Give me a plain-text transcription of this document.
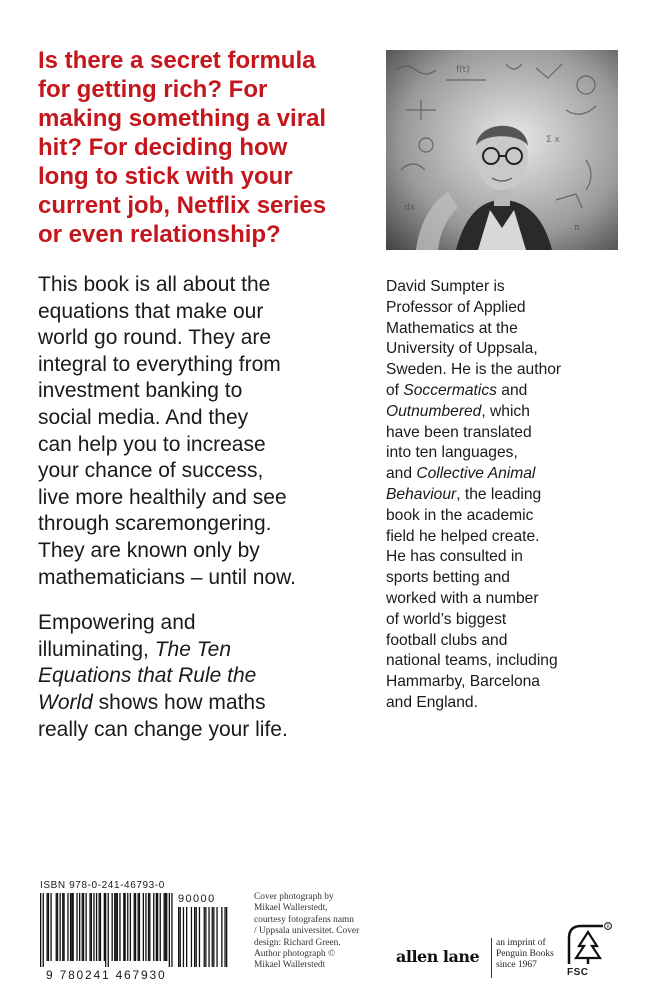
Is there a secret formula
for getting rich? For
making something a viral
hit? For deciding how
long to stick with your
current job, Netflix series
or even relationship?
f(t)
Σ x
dx
π

This book is all about the
equations that make our
world go round. They are
integral to everything from
investment banking to
social media. And they
can help you to increase
your chance of success,
live more healthily and see
through scaremongering.
They are known only by
mathematicians – until now.

Empowering and
illuminating, The Ten
Equations that Rule the
World shows how maths
really can change your life.

David Sumpter is
Professor of Applied
Mathematics at the
University of Uppsala,
Sweden. He is the author
of Soccermatics and
Outnumbered, which
have been translated
into ten languages,
and Collective Animal
Behaviour, the leading
book in the academic
field he helped create.
He has consulted in
sports betting and
worked with a number
of world’s biggest
football clubs and
national teams, including
Hammarby, Barcelona
and England.
ISBN 978-0-241-46793-0
9 780241 467930
90000	Cover photograph by
Mikael Wallerstedt,
courtesy fotografens namn
/ Uppsala universitet. Cover
design: Richard Green.
Author photograph ©
Mikael Wallerstedt	allen lane
an imprint of
Penguin Books
since 1967
R
FSC
